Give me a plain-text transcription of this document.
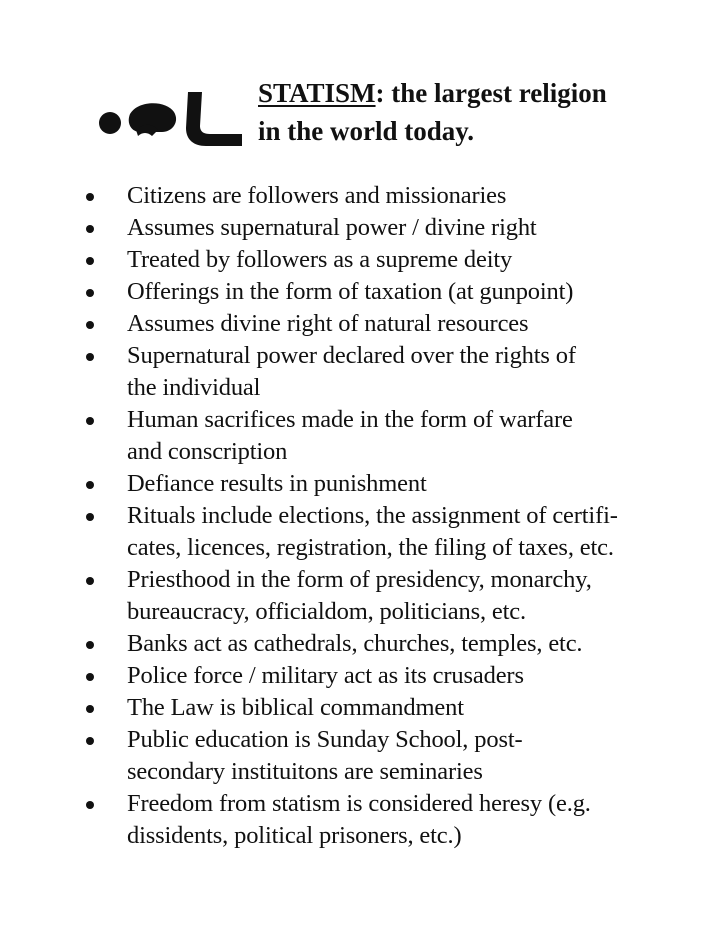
STATISM: the largest religion
in the world today.
Citizens are followers and missionaries
Assumes supernatural power / divine right
Treated by followers as a supreme deity
Offerings in the form of taxation (at gunpoint)
Assumes divine right of natural resources
Supernatural power declared over the rights of
the individual
Human sacrifices made in the form of warfare
and conscription
Defiance results in punishment
Rituals include elections, the assignment of certifi-
cates, licences, registration, the filing of taxes, etc.
Priesthood in the form of presidency, monarchy,
bureaucracy, officialdom, politicians, etc.
Banks act as cathedrals, churches, temples, etc.
Police force / military act as its crusaders
The Law is biblical commandment
Public education is Sunday School, post-
secondary instituitons are seminaries
Freedom from statism is considered heresy (e.g.
dissidents, political prisoners, etc.)
